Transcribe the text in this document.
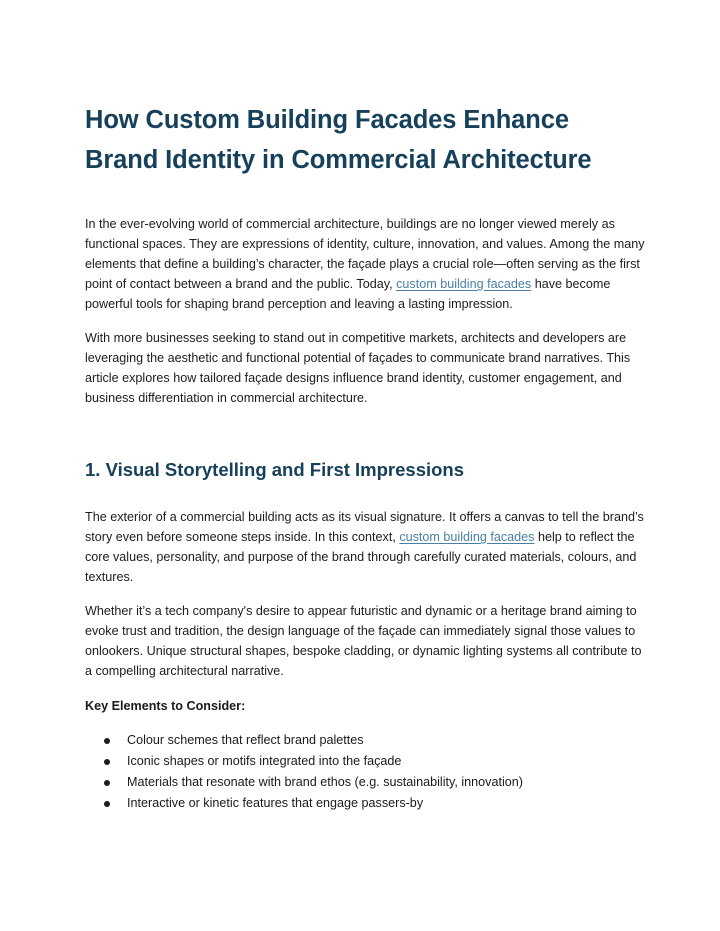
How Custom Building Facades Enhance Brand Identity in Commercial Architecture

In the ever-evolving world of commercial architecture, buildings are no longer viewed merely as functional spaces. They are expressions of identity, culture, innovation, and values. Among the many elements that define a building’s character, the façade plays a crucial role—often serving as the first point of contact between a brand and the public. Today, custom building facades have become powerful tools for shaping brand perception and leaving a lasting impression.

With more businesses seeking to stand out in competitive markets, architects and developers are leveraging the aesthetic and functional potential of façades to communicate brand narratives. This article explores how tailored façade designs influence brand identity, customer engagement, and business differentiation in commercial architecture.

1. Visual Storytelling and First Impressions

The exterior of a commercial building acts as its visual signature. It offers a canvas to tell the brand’s story even before someone steps inside. In this context, custom building facades help to reflect the core values, personality, and purpose of the brand through carefully curated materials, colours, and textures.

Whether it’s a tech company's desire to appear futuristic and dynamic or a heritage brand aiming to evoke trust and tradition, the design language of the façade can immediately signal those values to onlookers. Unique structural shapes, bespoke cladding, or dynamic lighting systems all contribute to a compelling architectural narrative.

Key Elements to Consider:

Colour schemes that reflect brand palettes
Iconic shapes or motifs integrated into the façade
Materials that resonate with brand ethos (e.g. sustainability, innovation)
Interactive or kinetic features that engage passers-by
